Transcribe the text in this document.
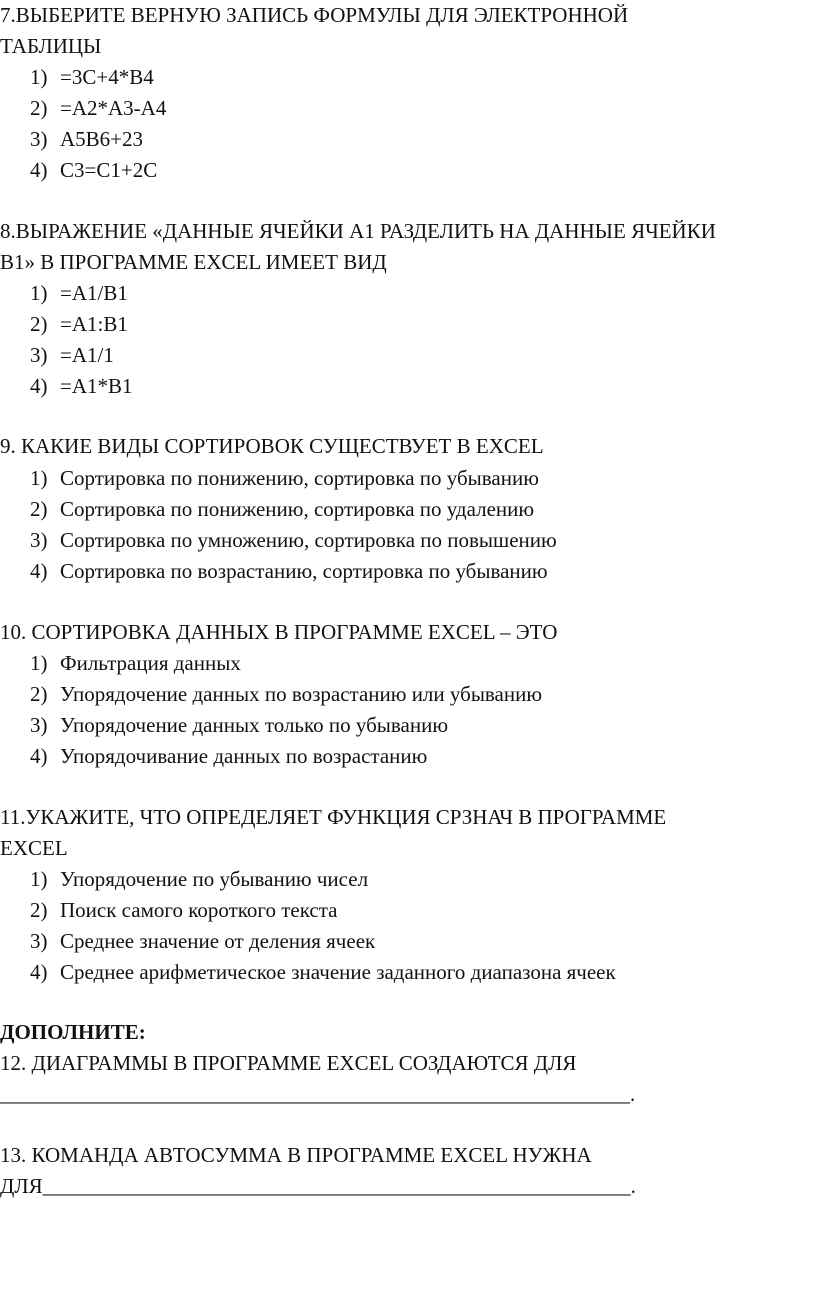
7.ВЫБЕРИТЕ ВЕРНУЮ ЗАПИСЬ ФОРМУЛЫ ДЛЯ ЭЛЕКТРОННОЙ
ТАБЛИЦЫ
1) =3C+4*B4
2) =A2*A3-A4
3) A5B6+23
4) C3=C1+2C
8.ВЫРАЖЕНИЕ «ДАННЫЕ ЯЧЕЙКИ А1 РАЗДЕЛИТЬ НА ДАННЫЕ ЯЧЕЙКИ
В1» В ПРОГРАММЕ EXCEL ИМЕЕТ ВИД
1) =A1/B1
2) =A1:B1
3) =A1/1
4) =A1*B1
9. КАКИЕ ВИДЫ СОРТИРОВОК СУЩЕСТВУЕТ В EXCEL
1) Сортировка по понижению, сортировка по убыванию
2) Сортировка по понижению, сортировка по удалению
3) Сортировка по умножению, сортировка по повышению
4) Сортировка по возрастанию, сортировка по убыванию
10. СОРТИРОВКА ДАННЫХ В ПРОГРАММЕ EXCEL – ЭТО
1) Фильтрация данных
2) Упорядочение данных по возрастанию или убыванию
3) Упорядочение данных только по убыванию
4) Упорядочивание данных по возрастанию
11.УКАЖИТЕ, ЧТО ОПРЕДЕЛЯЕТ ФУНКЦИЯ СРЗНАЧ В ПРОГРАММЕ
EXCEL
1) Упорядочение по убыванию чисел
2) Поиск самого короткого текста
3) Среднее значение от деления ячеек
4) Среднее арифметическое значение заданного диапазона ячеек
ДОПОЛНИТЕ:
12. ДИАГРАММЫ В ПРОГРАММЕ EXCEL СОЗДАЮТСЯ ДЛЯ
____________________________________________________________.
13. КОМАНДА АВТОСУММА В ПРОГРАММЕ EXCEL НУЖНА
ДЛЯ________________________________________________________.
